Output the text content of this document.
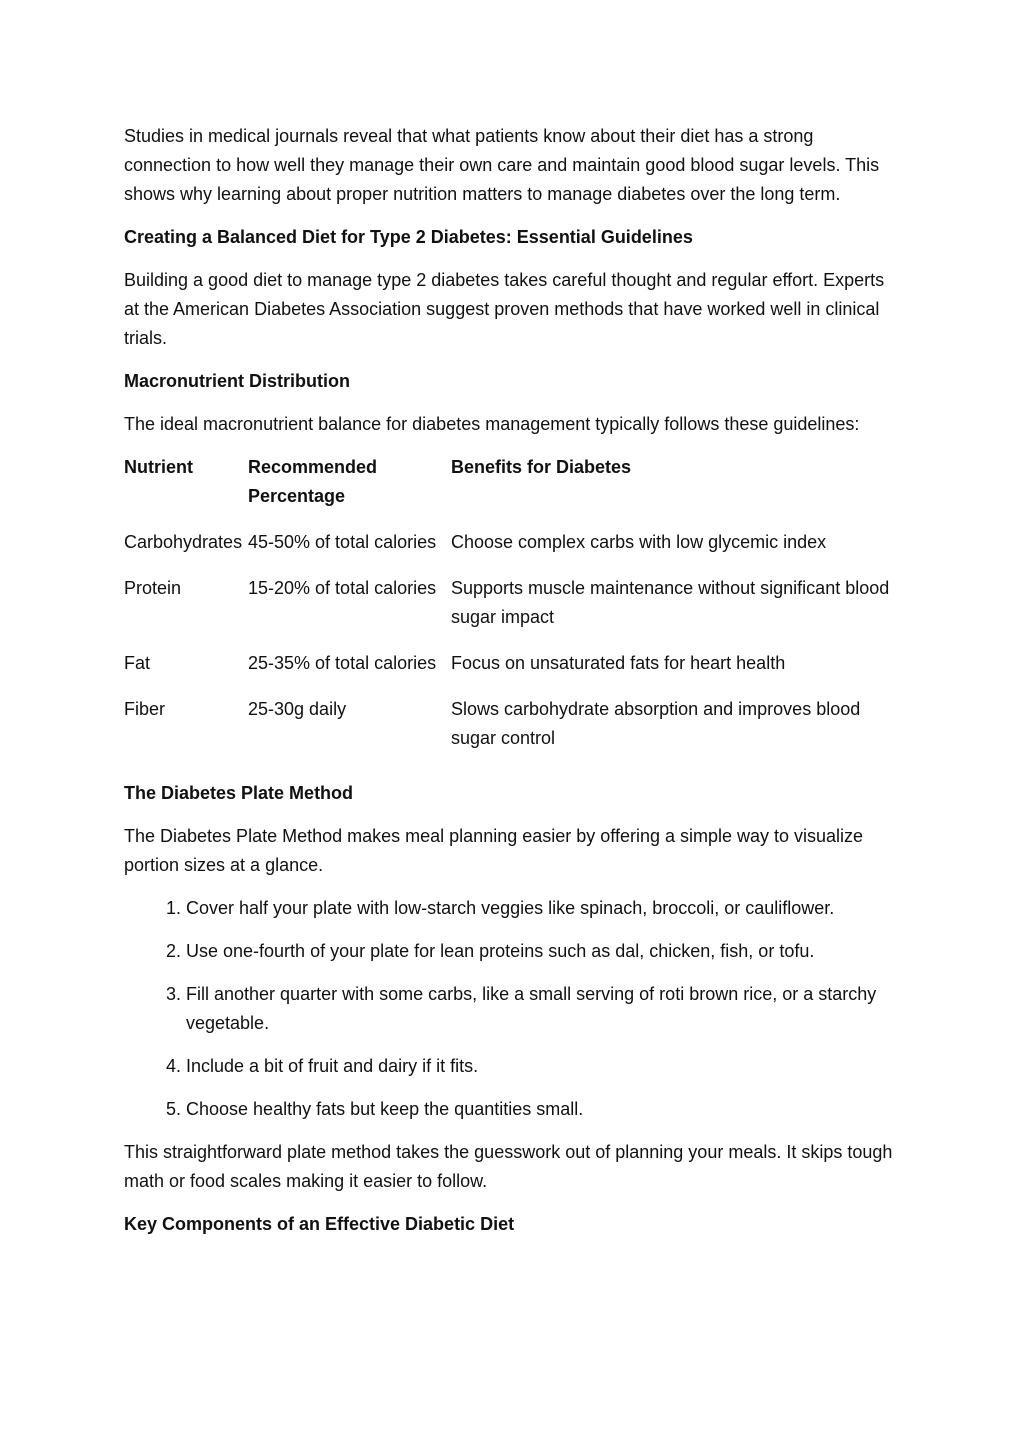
Studies in medical journals reveal that what patients know about their diet has a strong connection to how well they manage their own care and maintain good blood sugar levels. This shows why learning about proper nutrition matters to manage diabetes over the long term.

Creating a Balanced Diet for Type 2 Diabetes: Essential Guidelines

Building a good diet to manage type 2 diabetes takes careful thought and regular effort. Experts at the American Diabetes Association suggest proven methods that have worked well in clinical trials.

Macronutrient Distribution

The ideal macronutrient balance for diabetes management typically follows these guidelines:

Nutrient	Recommended Percentage	Benefits for Diabetes
Carbohydrates	45-50% of total calories	Choose complex carbs with low glycemic index
Protein	15-20% of total calories	Supports muscle maintenance without significant blood sugar impact
Fat	25-35% of total calories	Focus on unsaturated fats for heart health
Fiber	25-30g daily	Slows carbohydrate absorption and improves blood sugar control

The Diabetes Plate Method

The Diabetes Plate Method makes meal planning easier by offering a simple way to visualize portion sizes at a glance.

1. Cover half your plate with low-starch veggies like spinach, broccoli, or cauliflower.
2. Use one-fourth of your plate for lean proteins such as dal, chicken, fish, or tofu.
3. Fill another quarter with some carbs, like a small serving of roti brown rice, or a starchy vegetable.
4. Include a bit of fruit and dairy if it fits.
5. Choose healthy fats but keep the quantities small.

This straightforward plate method takes the guesswork out of planning your meals. It skips tough math or food scales making it easier to follow.

Key Components of an Effective Diabetic Diet
